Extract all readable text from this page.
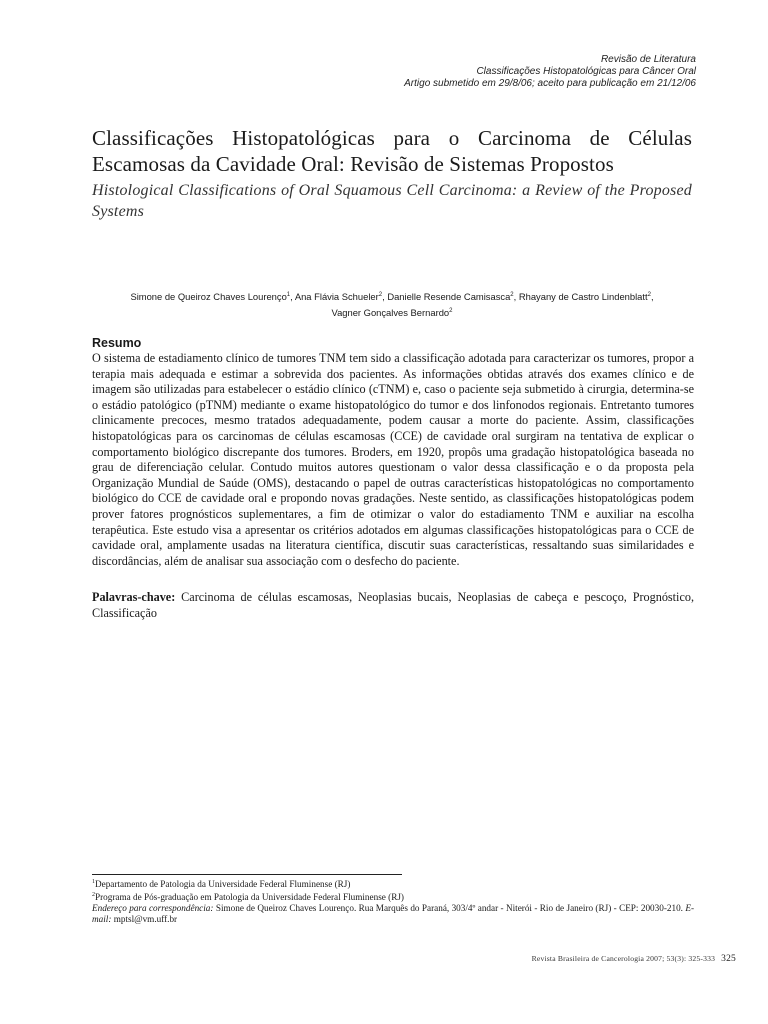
Revisão de Literatura
Classificações Histopatológicas para Câncer Oral
Artigo submetido em 29/8/06; aceito para publicação em 21/12/06
Classificações Histopatológicas para o Carcinoma de Células Escamosas da Cavidade Oral: Revisão de Sistemas Propostos
Histological Classifications of Oral Squamous Cell Carcinoma: a Review of the Proposed Systems
Simone de Queiroz Chaves Lourenço$^1$, Ana Flávia Schueler$^2$, Danielle Resende Camisasca$^2$, Rhayany de Castro Lindenblatt$^2$,
Vagner Gonçalves Bernardo$^2$
Resumo

O sistema de estadiamento clínico de tumores TNM tem sido a classificação adotada para caracterizar os tumores, propor a terapia mais adequada e estimar a sobrevida dos pacientes. As informações obtidas através dos exames clínico e de imagem são utilizadas para estabelecer o estádio clínico (cTNM) e, caso o paciente seja submetido à cirurgia, determina-se o estádio patológico (pTNM) mediante o exame histopatológico do tumor e dos linfonodos regionais. Entretanto tumores clinicamente precoces, mesmo tratados adequadamente, podem causar a morte do paciente. Assim, classificações histopatológicas para os carcinomas de células escamosas (CCE) de cavidade oral surgiram na tentativa de explicar o comportamento biológico discrepante dos tumores. Broders, em 1920, propôs uma gradação histopatológica baseada no grau de diferenciação celular. Contudo muitos autores questionam o valor dessa classificação e o da proposta pela Organização Mundial de Saúde (OMS), destacando o papel de outras características histopatológicas no comportamento biológico do CCE de cavidade oral e propondo novas gradações. Neste sentido, as classificações histopatológicas podem prover fatores prognósticos suplementares, a fim de otimizar o valor do estadiamento TNM e auxiliar na escolha terapêutica. Este estudo visa a apresentar os critérios adotados em algumas classificações histopatológicas para o CCE de cavidade oral, amplamente usadas na literatura científica, discutir suas características, ressaltando suas similaridades e discordâncias, além de analisar sua associação com o desfecho do paciente.

Palavras-chave: Carcinoma de células escamosas, Neoplasias bucais, Neoplasias de cabeça e pescoço, Prognóstico, Classificação

$^1$Departamento de Patologia da Universidade Federal Fluminense (RJ)

$^2$Programa de Pós-graduação em Patologia da Universidade Federal Fluminense (RJ)

Endereço para correspondência: Simone de Queiroz Chaves Lourenço. Rua Marquês do Paraná, 303/4º andar - Niterói - Rio de Janeiro (RJ) - CEP: 20030-210. E-mail: mptsl@vm.uff.br

Revista Brasileira de Cancerologia 2007; 53(3): 325-333 325
